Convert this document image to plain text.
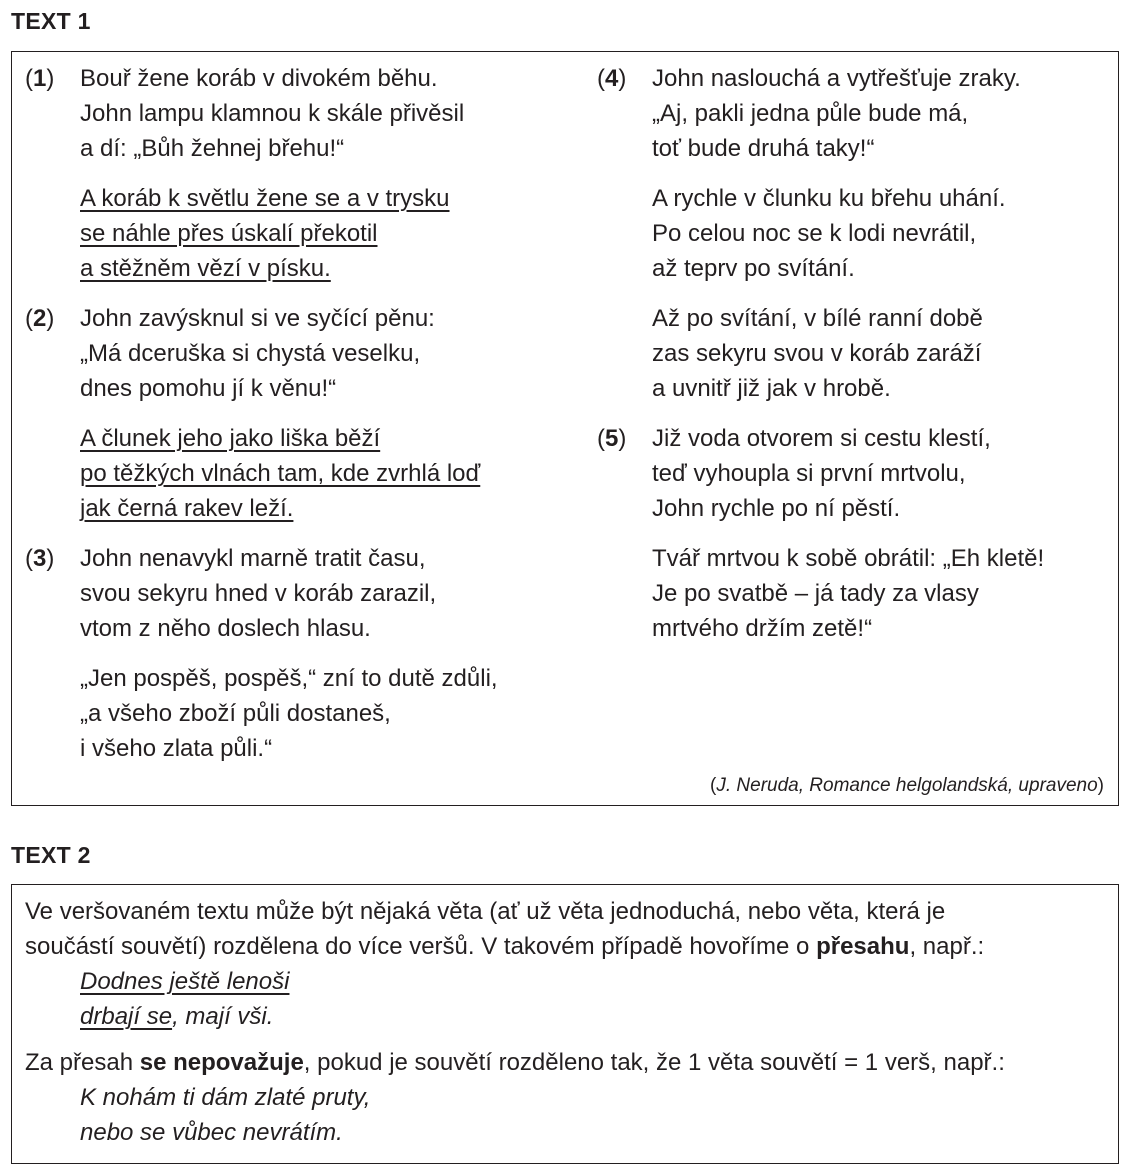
TEXT 1
(1) Bouř žene koráb v divokém běhu.
John lampu klamnou k skále přivěsil
a dí: „Bůh žehnej břehu!“
A koráb k světlu žene se a v trysku
se náhle přes úskalí překotil
a stěžněm vězí v písku.
(2) John zavýsknul si ve syčící pěnu:
„Má dceruška si chystá veselku,
dnes pomohu jí k věnu!“
A člunek jeho jako liška běží
po těžkých vlnách tam, kde zvrhlá loď
jak černá rakev leží.
(3) John nenavykl marně tratit času,
svou sekyru hned v koráb zarazil,
vtom z něho doslech hlasu.
„Jen pospěš, pospěš,“ zní to dutě zdůli,
„a všeho zboží půli dostaneš,
i všeho zlata půli.“
(4) John naslouchá a vytřešťuje zraky.
„Aj, pakli jedna půle bude má,
toť bude druhá taky!“
A rychle v člunku ku břehu uhání.
Po celou noc se k lodi nevrátil,
až teprv po svítání.
Až po svítání, v bílé ranní době
zas sekyru svou v koráb zaráží
a uvnitř již jak v hrobě.
(5) Již voda otvorem si cestu klestí,
teď vyhoupla si první mrtvolu,
John rychle po ní pěstí.
Tvář mrtvou k sobě obrátil: „Eh kletě!
Je po svatbě – já tady za vlasy
mrtvého držím zetě!“
(J. Neruda, Romance helgolandská, upraveno)
TEXT 2

Ve veršovaném textu může být nějaká věta (ať už věta jednoduchá, nebo věta, která je
součástí souvětí) rozdělena do více veršů. V takovém případě hovoříme o přesahu, např.:

Dodnes ještě lenoši
drbají se, mají vši.

Za přesah se nepovažuje, pokud je souvětí rozděleno tak, že 1 věta souvětí = 1 verš, např.:

K nohám ti dám zlaté pruty,
nebo se vůbec nevrátím.
